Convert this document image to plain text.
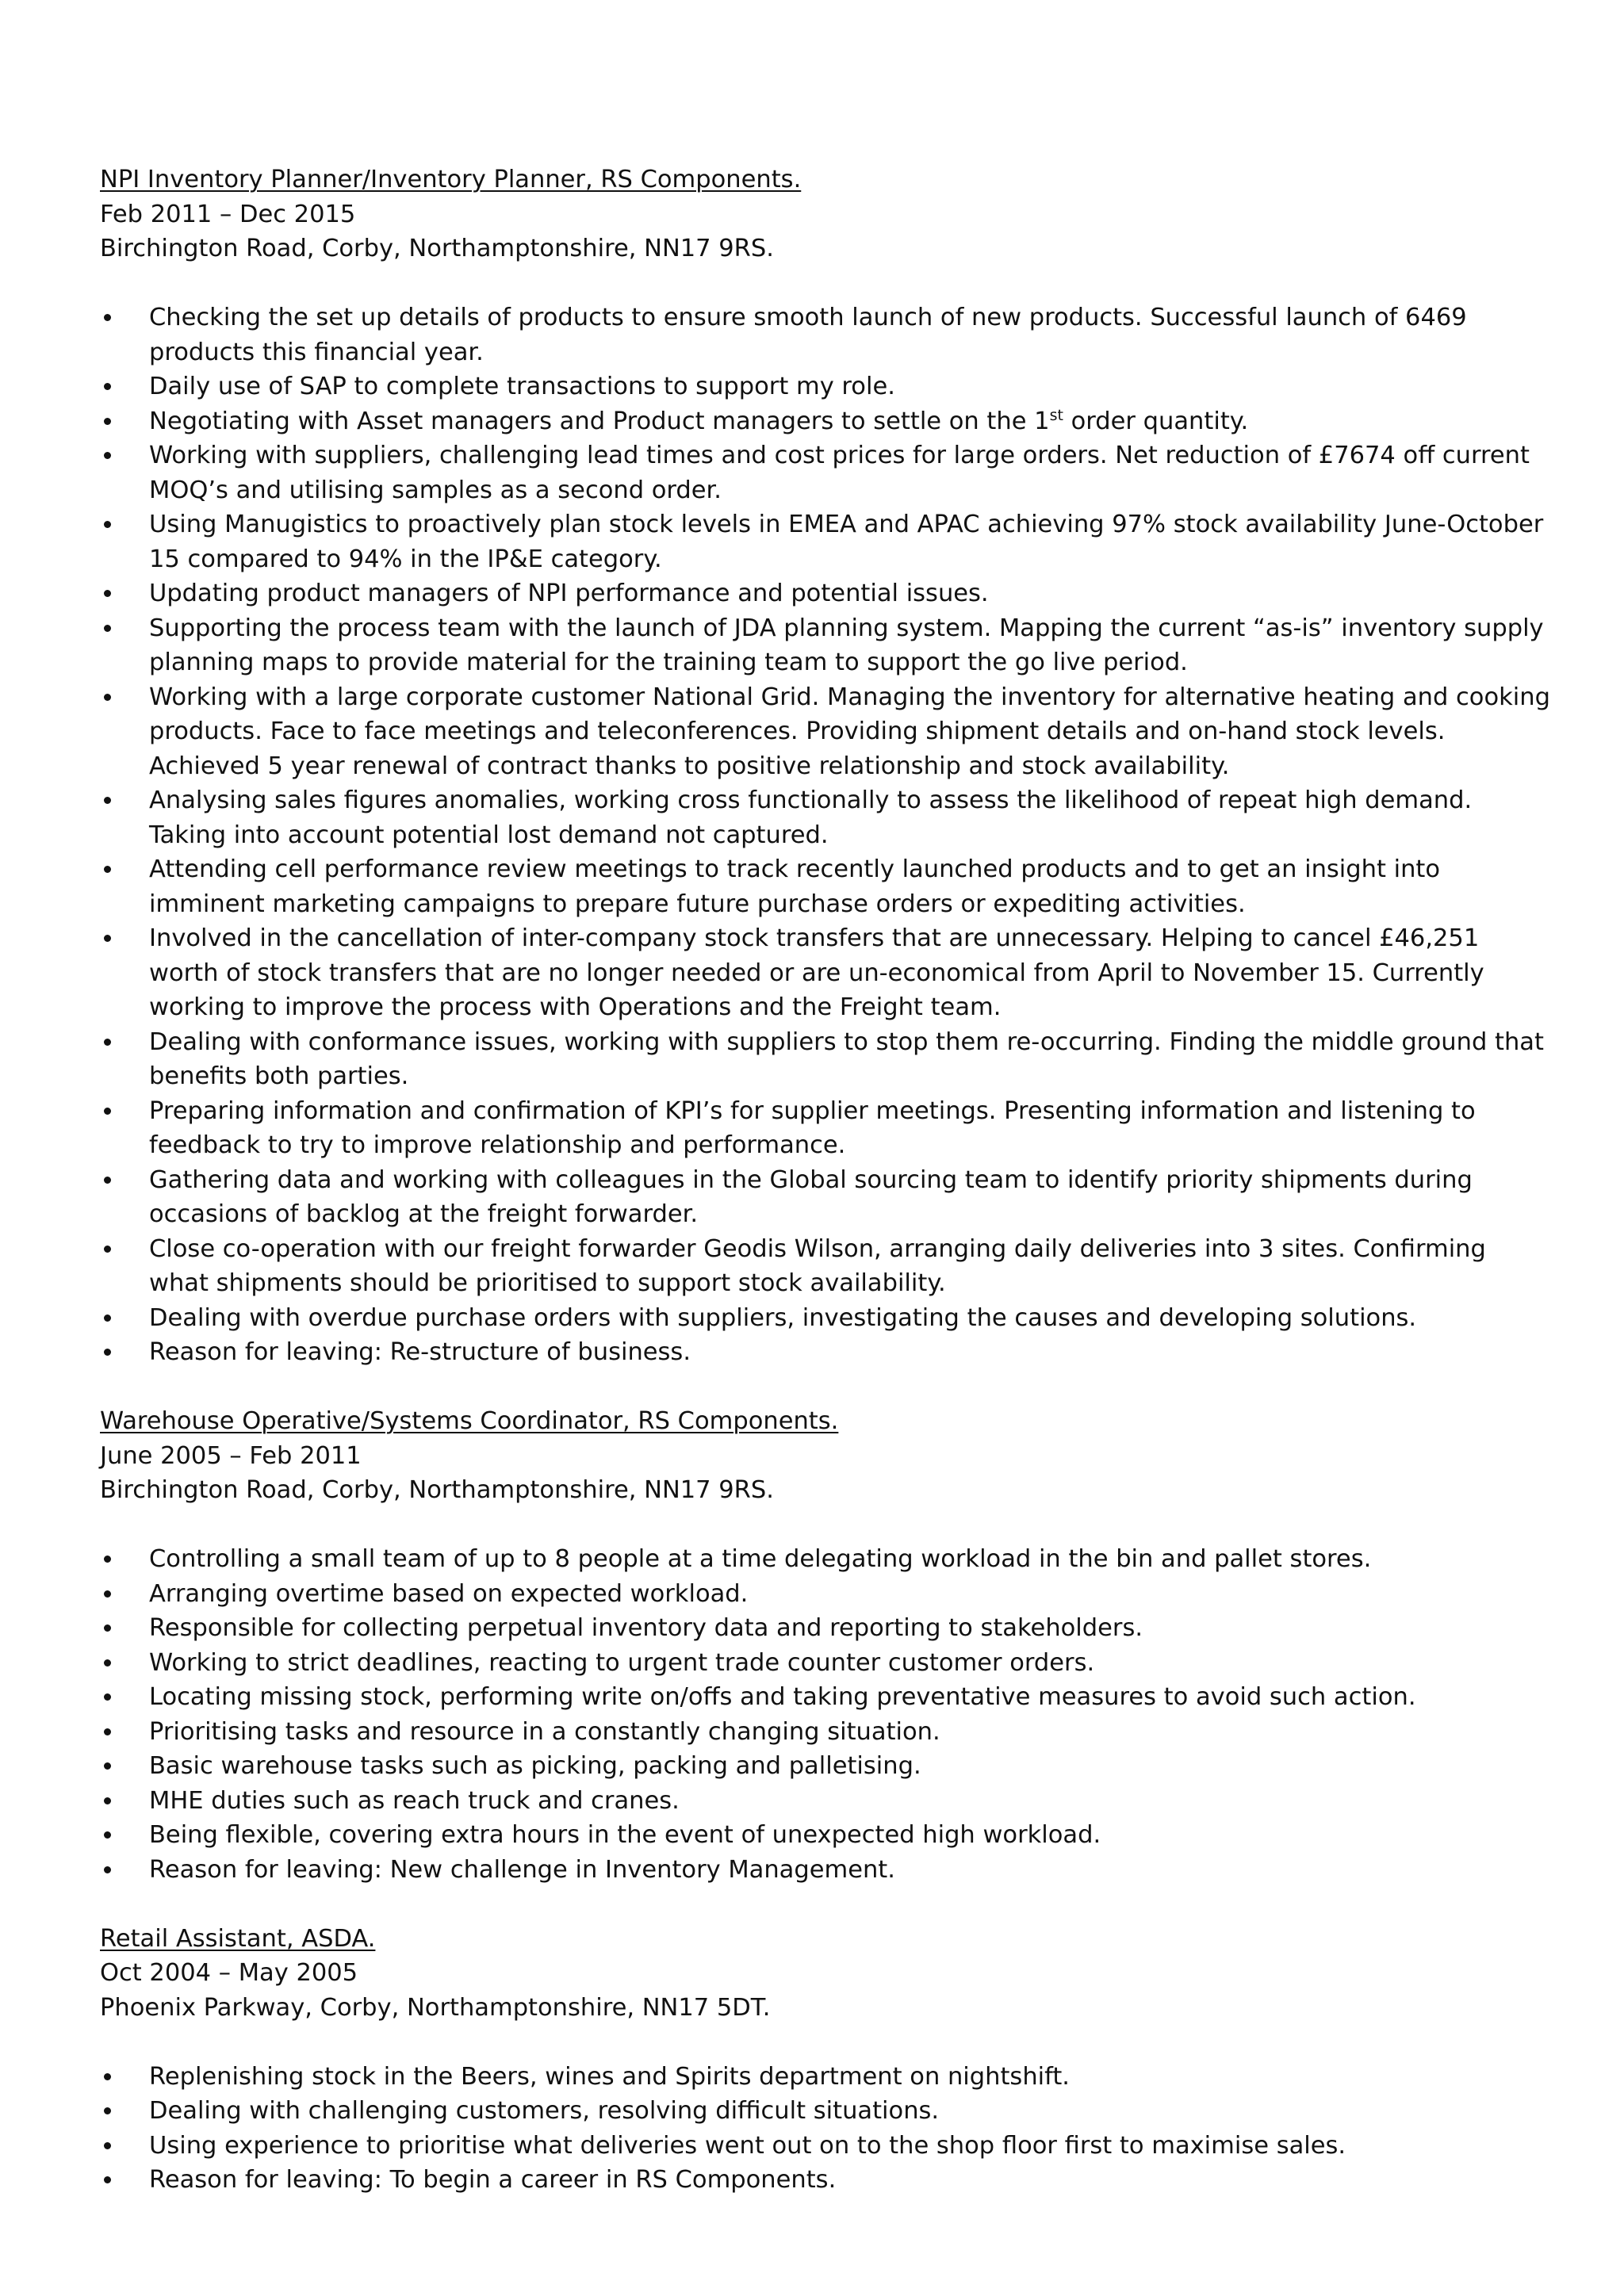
NPI Inventory Planner/Inventory Planner, RS Components.
Feb 2011 – Dec 2015
Birchington Road, Corby, Northamptonshire, NN17 9RS.
Checking the set up details of products to ensure smooth launch of new products. Successful launch of 6469 products this financial year.
Daily use of SAP to complete transactions to support my role.
Negotiating with Asset managers and Product managers to settle on the 1st order quantity.
Working with suppliers, challenging lead times and cost prices for large orders. Net reduction of £7674 off current MOQ’s and utilising samples as a second order.
Using Manugistics to proactively plan stock levels in EMEA and APAC achieving 97% stock availability June-October 15 compared to 94% in the IP&E category.
Updating product managers of NPI performance and potential issues.
Supporting the process team with the launch of JDA planning system. Mapping the current “as-is” inventory supply planning maps to provide material for the training team to support the go live period.
Working with a large corporate customer National Grid. Managing the inventory for alternative heating and cooking products. Face to face meetings and teleconferences. Providing shipment details and on-hand stock levels. Achieved 5 year renewal of contract thanks to positive relationship and stock availability.
Analysing sales figures anomalies, working cross functionally to assess the likelihood of repeat high demand. Taking into account potential lost demand not captured.
Attending cell performance review meetings to track recently launched products and to get an insight into imminent marketing campaigns to prepare future purchase orders or expediting activities.
Involved in the cancellation of inter-company stock transfers that are unnecessary. Helping to cancel £46,251 worth of stock transfers that are no longer needed or are un-economical from April to November 15. Currently working to improve the process with Operations and the Freight team.
Dealing with conformance issues, working with suppliers to stop them re-occurring. Finding the middle ground that benefits both parties.
Preparing information and confirmation of KPI’s for supplier meetings. Presenting information and listening to feedback to try to improve relationship and performance.
Gathering data and working with colleagues in the Global sourcing team to identify priority shipments during occasions of backlog at the freight forwarder.
Close co-operation with our freight forwarder Geodis Wilson, arranging daily deliveries into 3 sites. Confirming what shipments should be prioritised to support stock availability.
Dealing with overdue purchase orders with suppliers, investigating the causes and developing solutions.
Reason for leaving: Re-structure of business.
Warehouse Operative/Systems Coordinator, RS Components.
June 2005 – Feb 2011
Birchington Road, Corby, Northamptonshire, NN17 9RS.
Controlling a small team of up to 8 people at a time delegating workload in the bin and pallet stores.
Arranging overtime based on expected workload.
Responsible for collecting perpetual inventory data and reporting to stakeholders.
Working to strict deadlines, reacting to urgent trade counter customer orders.
Locating missing stock, performing write on/offs and taking preventative measures to avoid such action.
Prioritising tasks and resource in a constantly changing situation.
Basic warehouse tasks such as picking, packing and palletising.
MHE duties such as reach truck and cranes.
Being flexible, covering extra hours in the event of unexpected high workload.
Reason for leaving: New challenge in Inventory Management.
Retail Assistant, ASDA.
Oct 2004 – May 2005
Phoenix Parkway, Corby, Northamptonshire, NN17 5DT.
Replenishing stock in the Beers, wines and Spirits department on nightshift.
Dealing with challenging customers, resolving difficult situations.
Using experience to prioritise what deliveries went out on to the shop floor first to maximise sales.
Reason for leaving: To begin a career in RS Components.
